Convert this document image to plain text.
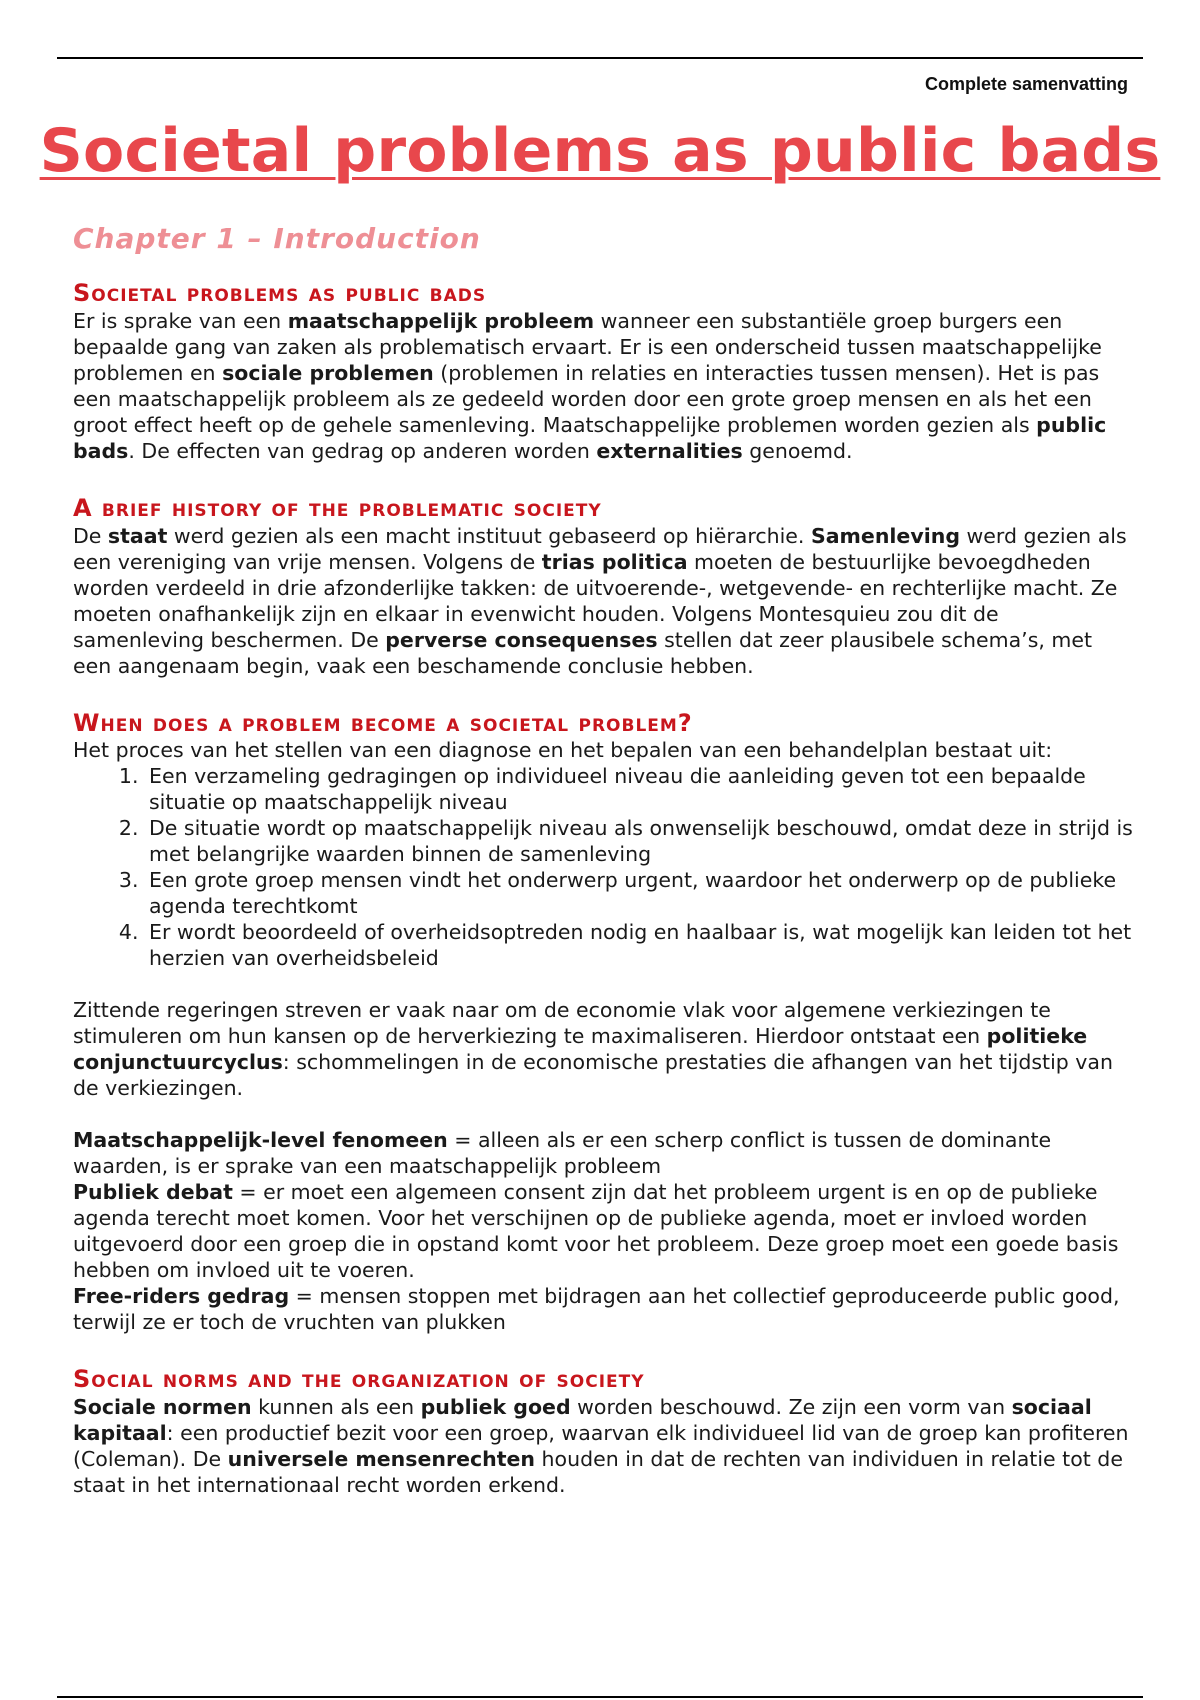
Complete samenvatting
Societal problems as public bads
Chapter 1 – Introduction
Societal problems as public bads

Er is sprake van een maatschappelijk probleem wanneer een substantiële groep burgers een bepaalde gang van zaken als problematisch ervaart. Er is een onderscheid tussen maatschappelijke problemen en sociale problemen (problemen in relaties en interacties tussen mensen). Het is pas een maatschappelijk probleem als ze gedeeld worden door een grote groep mensen en als het een groot effect heeft op de gehele samenleving. Maatschappelijke problemen worden gezien als public bads. De effecten van gedrag op anderen worden externalities genoemd.

A brief history of the problematic society

De staat werd gezien als een macht instituut gebaseerd op hiërarchie. Samenleving werd gezien als een vereniging van vrije mensen. Volgens de trias politica moeten de bestuurlijke bevoegdheden worden verdeeld in drie afzonderlijke takken: de uitvoerende-, wetgevende- en rechterlijke macht. Ze moeten onafhankelijk zijn en elkaar in evenwicht houden. Volgens Montesquieu zou dit de samenleving beschermen. De perverse consequenses stellen dat zeer plausibele schema’s, met een aangenaam begin, vaak een beschamende conclusie hebben.

When does a problem become a societal problem?

Het proces van het stellen van een diagnose en het bepalen van een behandelplan bestaat uit:

1. Een verzameling gedragingen op individueel niveau die aanleiding geven tot een bepaalde situatie op maatschappelijk niveau
2. De situatie wordt op maatschappelijk niveau als onwenselijk beschouwd, omdat deze in strijd is met belangrijke waarden binnen de samenleving
3. Een grote groep mensen vindt het onderwerp urgent, waardoor het onderwerp op de publieke agenda terechtkomt
4. Er wordt beoordeeld of overheidsoptreden nodig en haalbaar is, wat mogelijk kan leiden tot het herzien van overheidsbeleid

Zittende regeringen streven er vaak naar om de economie vlak voor algemene verkiezingen te stimuleren om hun kansen op de herverkiezing te maximaliseren. Hierdoor ontstaat een politieke conjunctuurcyclus: schommelingen in de economische prestaties die afhangen van het tijdstip van de verkiezingen.

Maatschappelijk-level fenomeen = alleen als er een scherp conflict is tussen de dominante waarden, is er sprake van een maatschappelijk probleem

Publiek debat = er moet een algemeen consent zijn dat het probleem urgent is en op de publieke agenda terecht moet komen. Voor het verschijnen op de publieke agenda, moet er invloed worden uitgevoerd door een groep die in opstand komt voor het probleem. Deze groep moet een goede basis hebben om invloed uit te voeren.

Free-riders gedrag = mensen stoppen met bijdragen aan het collectief geproduceerde public good, terwijl ze er toch de vruchten van plukken

Social norms and the organization of society

Sociale normen kunnen als een publiek goed worden beschouwd. Ze zijn een vorm van sociaal kapitaal: een productief bezit voor een groep, waarvan elk individueel lid van de groep kan profiteren (Coleman). De universele mensenrechten houden in dat de rechten van individuen in relatie tot de staat in het internationaal recht worden erkend.
